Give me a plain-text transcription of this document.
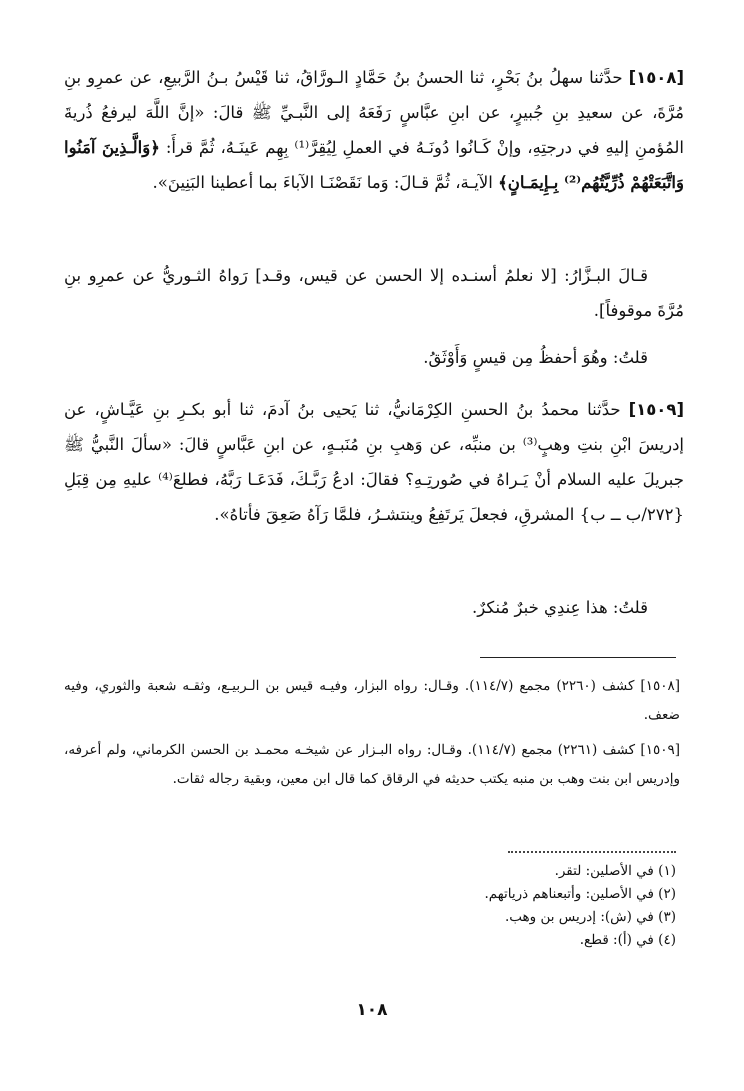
[١٥٠٨] حدَّثنا سهلُ بنُ بَحْرٍ، ثنا الحسنُ بنُ حَمَّادٍ الـورَّاقُ، ثنا قَيْسُ بـنُ الرَّبيعِ، عن عمرِو بنِ مُرَّةَ، عن سعيدِ بنِ جُبيرٍ، عن ابنِ عبَّاسٍ رَفَعَهُ إلى النَّبـيِّ ﷺ قالَ: «إنَّ اللَّهَ ليرفعُ ذُريةَ المُؤمنِ إليهِ في درجتِهِ، وإنْ كَـانُوا دُونَـهُ في العملِ لِيُقِرَّ⁽¹⁾ بِهِم عَينَـهُ، ثُمَّ قرأَ: ﴿وَالَّـذِينَ آمَنُوا وَاتَّبَعَتْهُمْ ذُرِّيَّتُهُم⁽²⁾ بِـإِيمَـانٍ﴾ الآيـة، ثُمَّ قـالَ: وَما نَقَصْنَـا الآباءَ بما أعطينا البَنِينَ».

قـالَ البـزَّارُ: [لا نعلمُ أسنـده إلا الحسن عن قيس، وقـد] رَواهُ الثـوريُّ عن عمرِو بنِ مُرَّةَ موقوفاً].

قلتُ: وهُوَ أحفظُ مِن قيسٍ وَأَوْثَقُ.

[١٥٠٩] حدَّثنا محمدُ بنُ الحسنِ الكِرْمَانيُّ، ثنا يَحيى بنُ آدمَ، ثنا أبو بكـرِ بنِ عَيَّـاشٍ، عن إدريسَ ابْنِ بنتِ وهبٍ⁽³⁾ بن منبِّه، عن وَهبِ بنِ مُنَبـهٍ، عن ابنِ عَبَّاسٍ قالَ: «سألَ النَّبيُّ ﷺ جبريلَ عليه السلام أنْ يَـراهُ في صُورتِـهِ؟ فقالَ: ادعُ رَبَّـكَ، فَدَعَـا رَبَّهُ، فطلعَ⁽⁴⁾ عليهِ مِن قِبَلِ {٢٧٢/ب ــ ب} المشرقِ، فجعلَ يَرتَفِعُ وينتشـرُ، فلمَّا رَآهُ صَعِقَ فأتاهُ».

قلتُ: هذا عِندِي خبرٌ مُنكرٌ.

[١٥٠٨] كشف (٢٢٦٠) مجمع (١١٤/٧). وقـال: رواه البزار، وفيـه قيس بن الـربيـع، وثقـه شعبة والثوري، وفيه ضعف.

[١٥٠٩] كشف (٢٢٦١) مجمع (١١٤/٧). وقـال: رواه البـزار عن شيخـه محمـد بن الحسن الكرماني، ولم أعرفه، وإدريس ابن بنت وهب بن منبه يكتب حديثه في الرقاق كما قال ابن معين، وبقية رجاله ثقات.

(١) في الأصلين: لتقر.

(٢) في الأصلين: وأتبعناهم ذرياتهم.

(٣) في (ش): إدريس بن وهب.

(٤) في (أ): قطع.

١٠٨
